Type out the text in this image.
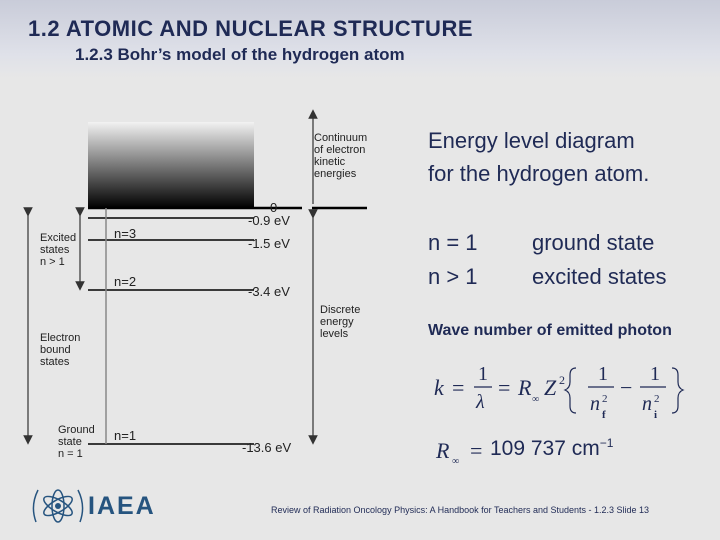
1.2 ATOMIC AND NUCLEAR STRUCTURE
1.2.3 Bohr’s model of the hydrogen atom
Continuum
of electron
kinetic
energies
Excited
states
n > 1
Electron
bound
states
Ground
state
n = 1
Discrete
energy
levels
0
-0.9 eV
n=3
-1.5 eV
n=2
-3.4 eV
n=1
-13.6 eV
Energy level diagram
for the hydrogen atom.
n = 1 ground state
n > 1 excited states
Wave number of emitted photon
k =
1
λ
= R ∞ Z 2 1
n 2
f
−
1
n 2
i
R ∞ = 109 737 $cm^{-1}$
IAEA	Review of Radiation Oncology Physics: A Handbook for Teachers and Students - 1.2.3 Slide 13
